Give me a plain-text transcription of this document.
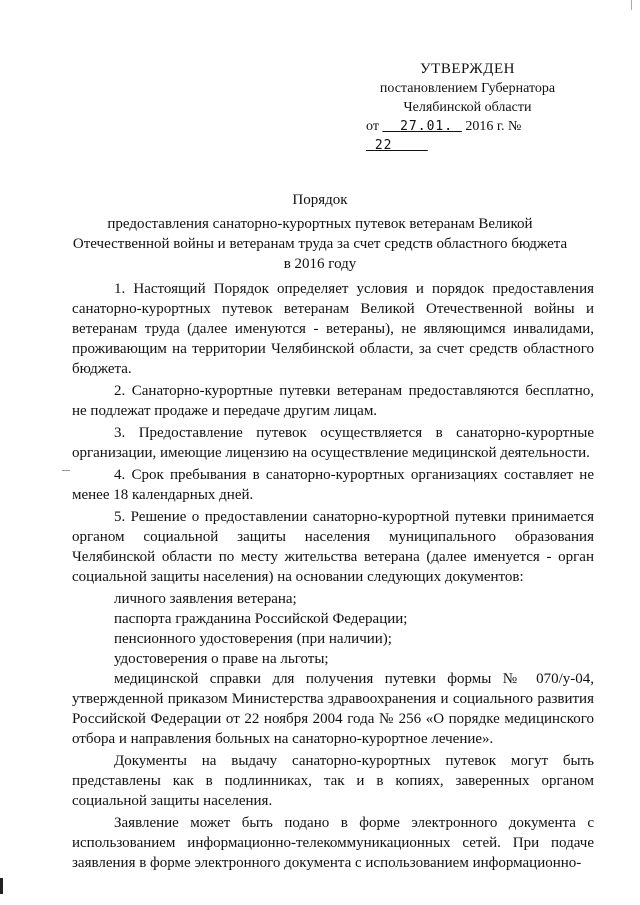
УТВЕРЖДЕН
постановлением Губернатора
Челябинской области
от 27.01. 2016 г. №  22
Порядок
предоставления санаторно-курортных путевок ветеранам Великой
Отечественной войны и ветеранам труда за счет средств областного бюджета
в 2016 году

1. Настоящий Порядок определяет условия и порядок предоставления санаторно-курортных путевок ветеранам Великой Отечественной войны и ветеранам труда (далее именуются - ветераны), не являющимся инвалидами, проживающим на территории Челябинской области, за счет средств областного бюджета.

2. Санаторно-курортные путевки ветеранам предоставляются бесплатно, не подлежат продаже и передаче другим лицам.

3. Предоставление путевок осуществляется в санаторно-курортные организации, имеющие лицензию на осуществление медицинской деятельности.

4. Срок пребывания в санаторно-курортных организациях составляет не менее 18 календарных дней.

5. Решение о предоставлении санаторно-курортной путевки принимается органом социальной защиты населения муниципального образования Челябинской области по месту жительства ветерана (далее именуется - орган социальной защиты населения) на основании следующих документов:

личного заявления ветерана;

паспорта гражданина Российской Федерации;

пенсионного удостоверения (при наличии);

удостоверения о праве на льготы;

медицинской справки для получения путевки формы № 070/у-04, утвержденной приказом Министерства здравоохранения и социального развития Российской Федерации от 22 ноября 2004 года № 256 «О порядке медицинского отбора и направления больных на санаторно-курортное лечение».

Документы на выдачу санаторно-курортных путевок могут быть представлены как в подлинниках, так и в копиях, заверенных органом социальной защиты населения.

Заявление может быть подано в форме электронного документа с использованием информационно-телекоммуникационных сетей. При подаче заявления в форме электронного документа с использованием информационно-
